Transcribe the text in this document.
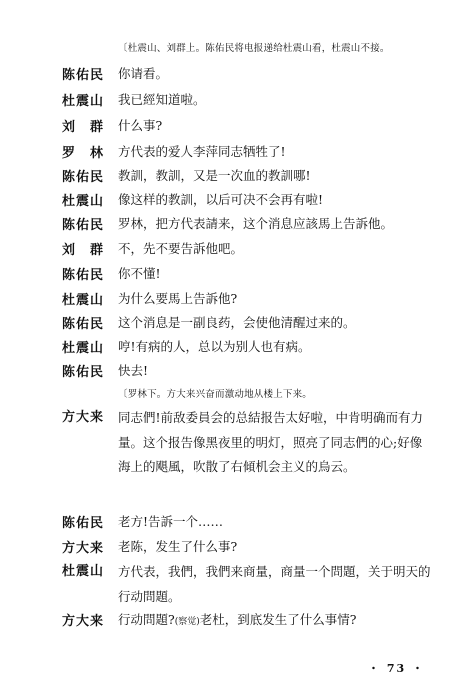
〔杜震山、刘群上。陈佑民将电报递给杜震山看，杜震山不接。
陈佑民	你请看。
杜震山	我已經知道啦。
刘　群	什么事?
罗　林	方代表的爱人李萍同志牺牲了!
陈佑民	教訓，教訓，又是一次血的教訓哪!
杜震山	像这样的教訓，以后可决不会再有啦!
陈佑民	罗林，把方代表請来，这个消息应該馬上告訴他。
刘　群	不，先不要告訴他吧。
陈佑民	你不懂!
杜震山	为什么要馬上告訴他?
陈佑民	这个消息是一副良药，会使他清醒过来的。
杜震山	哼!有病的人，总以为别人也有病。
陈佑民	快去!
〔罗林下。方大来兴奋而激动地从楼上下来。
方大来	同志們!前敌委員会的总結报告太好啦，中肯明确而有力量。这个报告像黑夜里的明灯，照亮了同志們的心;好像海上的飓風，吹散了右傾机会主义的烏云。
陈佑民	老方!告訴一个……
方大来	老陈，发生了什么事?
杜震山	方代表，我們，我們来商量，商量一个問題，关于明天的行动問題。
方大来	行动問題?(察觉)老杜，到底发生了什么事情?
・ 73 ・
